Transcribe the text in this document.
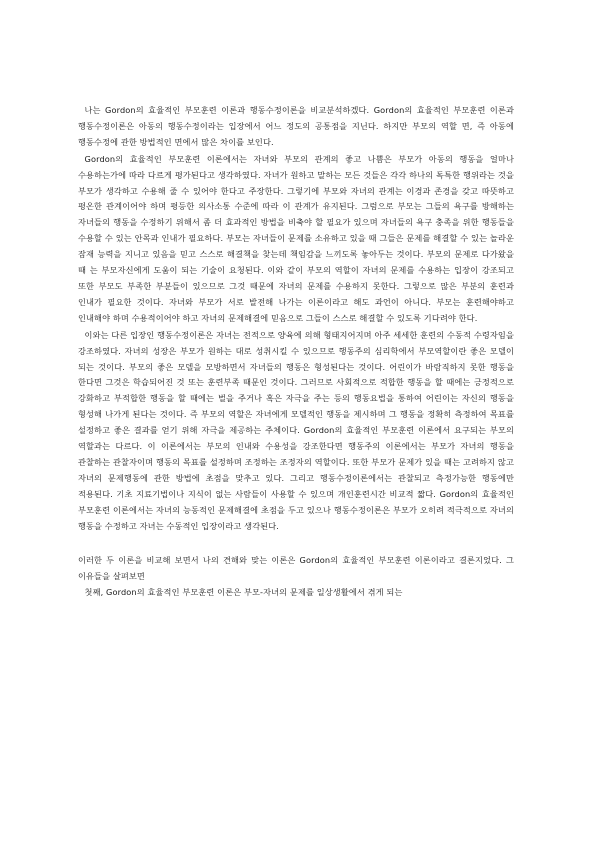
나는 Gordon의 효율적인 부모훈련 이론과 행동수정이론을 비교분석하겠다. Gordon의 효율적인 부모훈련 이론과 행동수정이론은 아동의 행동수정이라는 입장에서 어느 정도의 공통점을 지닌다. 하지만 부모의 역할 면, 즉 아동에 행동수정에 관한 방법적인 면에서 많은 차이를 보인다.

Gordon의 효율적인 부모훈련 이론에서는 자녀와 부모의 관계의 좋고 나쁨은 부모가 아동의 행동을 얼마나 수용하는가에 따라 다르게 평가된다고 생각하였다. 자녀가 원하고 말하는 모든 것들은 각각 하나의 독특한 행위라는 것을 부모가 생각하고 수용해 줄 수 있어야 한다고 주장한다. 그렇기에 부모와 자녀의 관계는 이경과 존경을 갖고 따뜻하고 평온한 관계이어야 하며 평등한 의사소통 수준에 따라 이 관계가 유지된다. 그럼으로 부모는 그들의 욕구를 방해하는 자녀들의 행동을 수정하기 위해서 좀 더 효과적인 방법을 비축야 할 필요가 있으며 자녀들의 욕구 충족을 위한 행동들을 수용할 수 있는 안목과 인내가 필요하다. 부모는 자녀들이 문제를 소유하고 있을 때 그들은 문제를 해결할 수 있는 놀라운 잠재 능력을 지니고 있음을 믿고 스스로 해결책을 찾는데 책임감을 느끼도록 놓아두는 것이다. 부모의 문제로 다가왔을 때 는 부모자신에게 도움이 되는 기술이 요청된다. 이와 같이 부모의 역할이 자녀의 문제를 수용하는 입장이 강조되고 또한 부모도 부족한 부분들이 있으므로 그것 때문에 자녀의 문제를 수용하지 못한다. 그렇으로 많은 부분의 훈련과 인내가 필요한 것이다. 자녀와 부모가 서로 발전해 나가는 이론이라고 해도 과언이 아니다. 부모는 훈련해야하고 인내해야 하며 수용적이어야 하고 자녀의 문제해결에 믿음으로 그들이 스스로 해결할 수 있도록 기다려야 한다.

이와는 다른 입장인 행동수정이론은 자녀는 전적으로 양육에 의해 형태지어지며 아주 세세한 훈련의 수동적 수령자임을 강조하였다. 자녀의 성장은 부모가 원하는 대로 성취시킬 수 있으므로 행동주의 심리학에서 부모역할이란 좋은 모델이 되는 것이다. 부모의 좋은 모델을 모방하면서 자녀들의 행동은 형성된다는 것이다. 어린이가 바람직하지 못한 행동을 한다면 그것은 학습되어진 것 또는 훈련부족 때문인 것이다. 그러므로 사회적으로 적합한 행동을 할 때에는 긍정적으로 강화하고 부적합한 행동을 할 때에는 벌을 주거나 혹은 자극을 주는 등의 행동요법을 통하여 어린이는 자신의 행동을 형성해 나가게 된다는 것이다. 즉 부모의 역할은 자녀에게 모델적인 행동을 제시하며 그 행동을 정확히 측정하여 목표를 설정하고 좋은 결과를 얻기 위해 자극을 제공하는 주체이다. Gordon의 효율적인 부모훈련 이론에서 요구되는 부모의 역할과는 다르다. 이 이론에서는 부모의 인내와 수용성을 강조한다면 행동주의 이론에서는 부모가 자녀의 행동을 관찰하는 관찰자이며 행동의 목표를 설정하며 조정하는 조정자의 역할이다. 또한 부모가 문제가 있을 때는 고려하지 않고 자녀의 문제행동에 관한 방법에 초점을 맞추고 있다. 그리고 행동수정이론에서는 관찰되고 측정가능한 행동에만 적용된다. 기초 지료기법이나 지식이 없는 사람들이 사용할 수 있으며 개인훈련시간 비교적 짧다. Gordon의 효율적인 부모훈련 이론에서는 자녀의 능동적인 문제해결에 초점을 두고 있으나 행동수정이론은 부모가 오히려 적극적으로 자녀의 행동을 수정하고 자녀는 수동적인 입장이라고 생각된다.

이러한 두 이론을 비교해 보면서 나의 견해와 맞는 이론은 Gordon의 효율적인 부모훈련 이론이라고 결론지었다. 그 이유들을 살펴보면

첫째, Gordon의 효율적인 부모훈련 이론은 부모-자녀의 문제를 일상생활에서 겪게 되는
